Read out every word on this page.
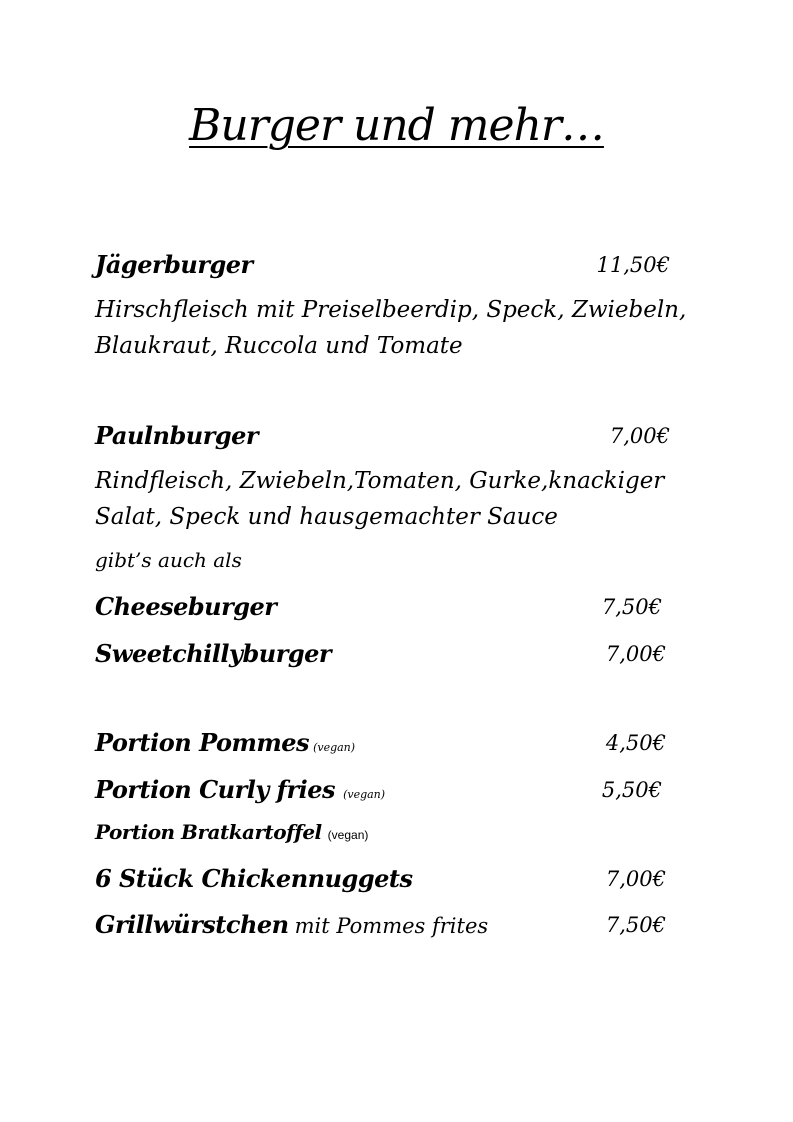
Burger und mehr…
Jägerburger	11,50€
Hirschfleisch mit Preiselbeerdip, Speck, Zwiebeln,
Blaukraut, Ruccola und Tomate
Paulnburger	7,00€
Rindfleisch, Zwiebeln,Tomaten, Gurke,knackiger
Salat, Speck und hausgemachter Sauce
gibt’s auch als
Cheeseburger	7,50€
Sweetchillyburger	7,00€
Portion Pommes (vegan)	4,50€
Portion Curly fries (vegan)	5,50€
Portion Bratkartoffel (vegan)
6 Stück Chickennuggets	7,00€
Grillwürstchen mit Pommes frites	7,50€
